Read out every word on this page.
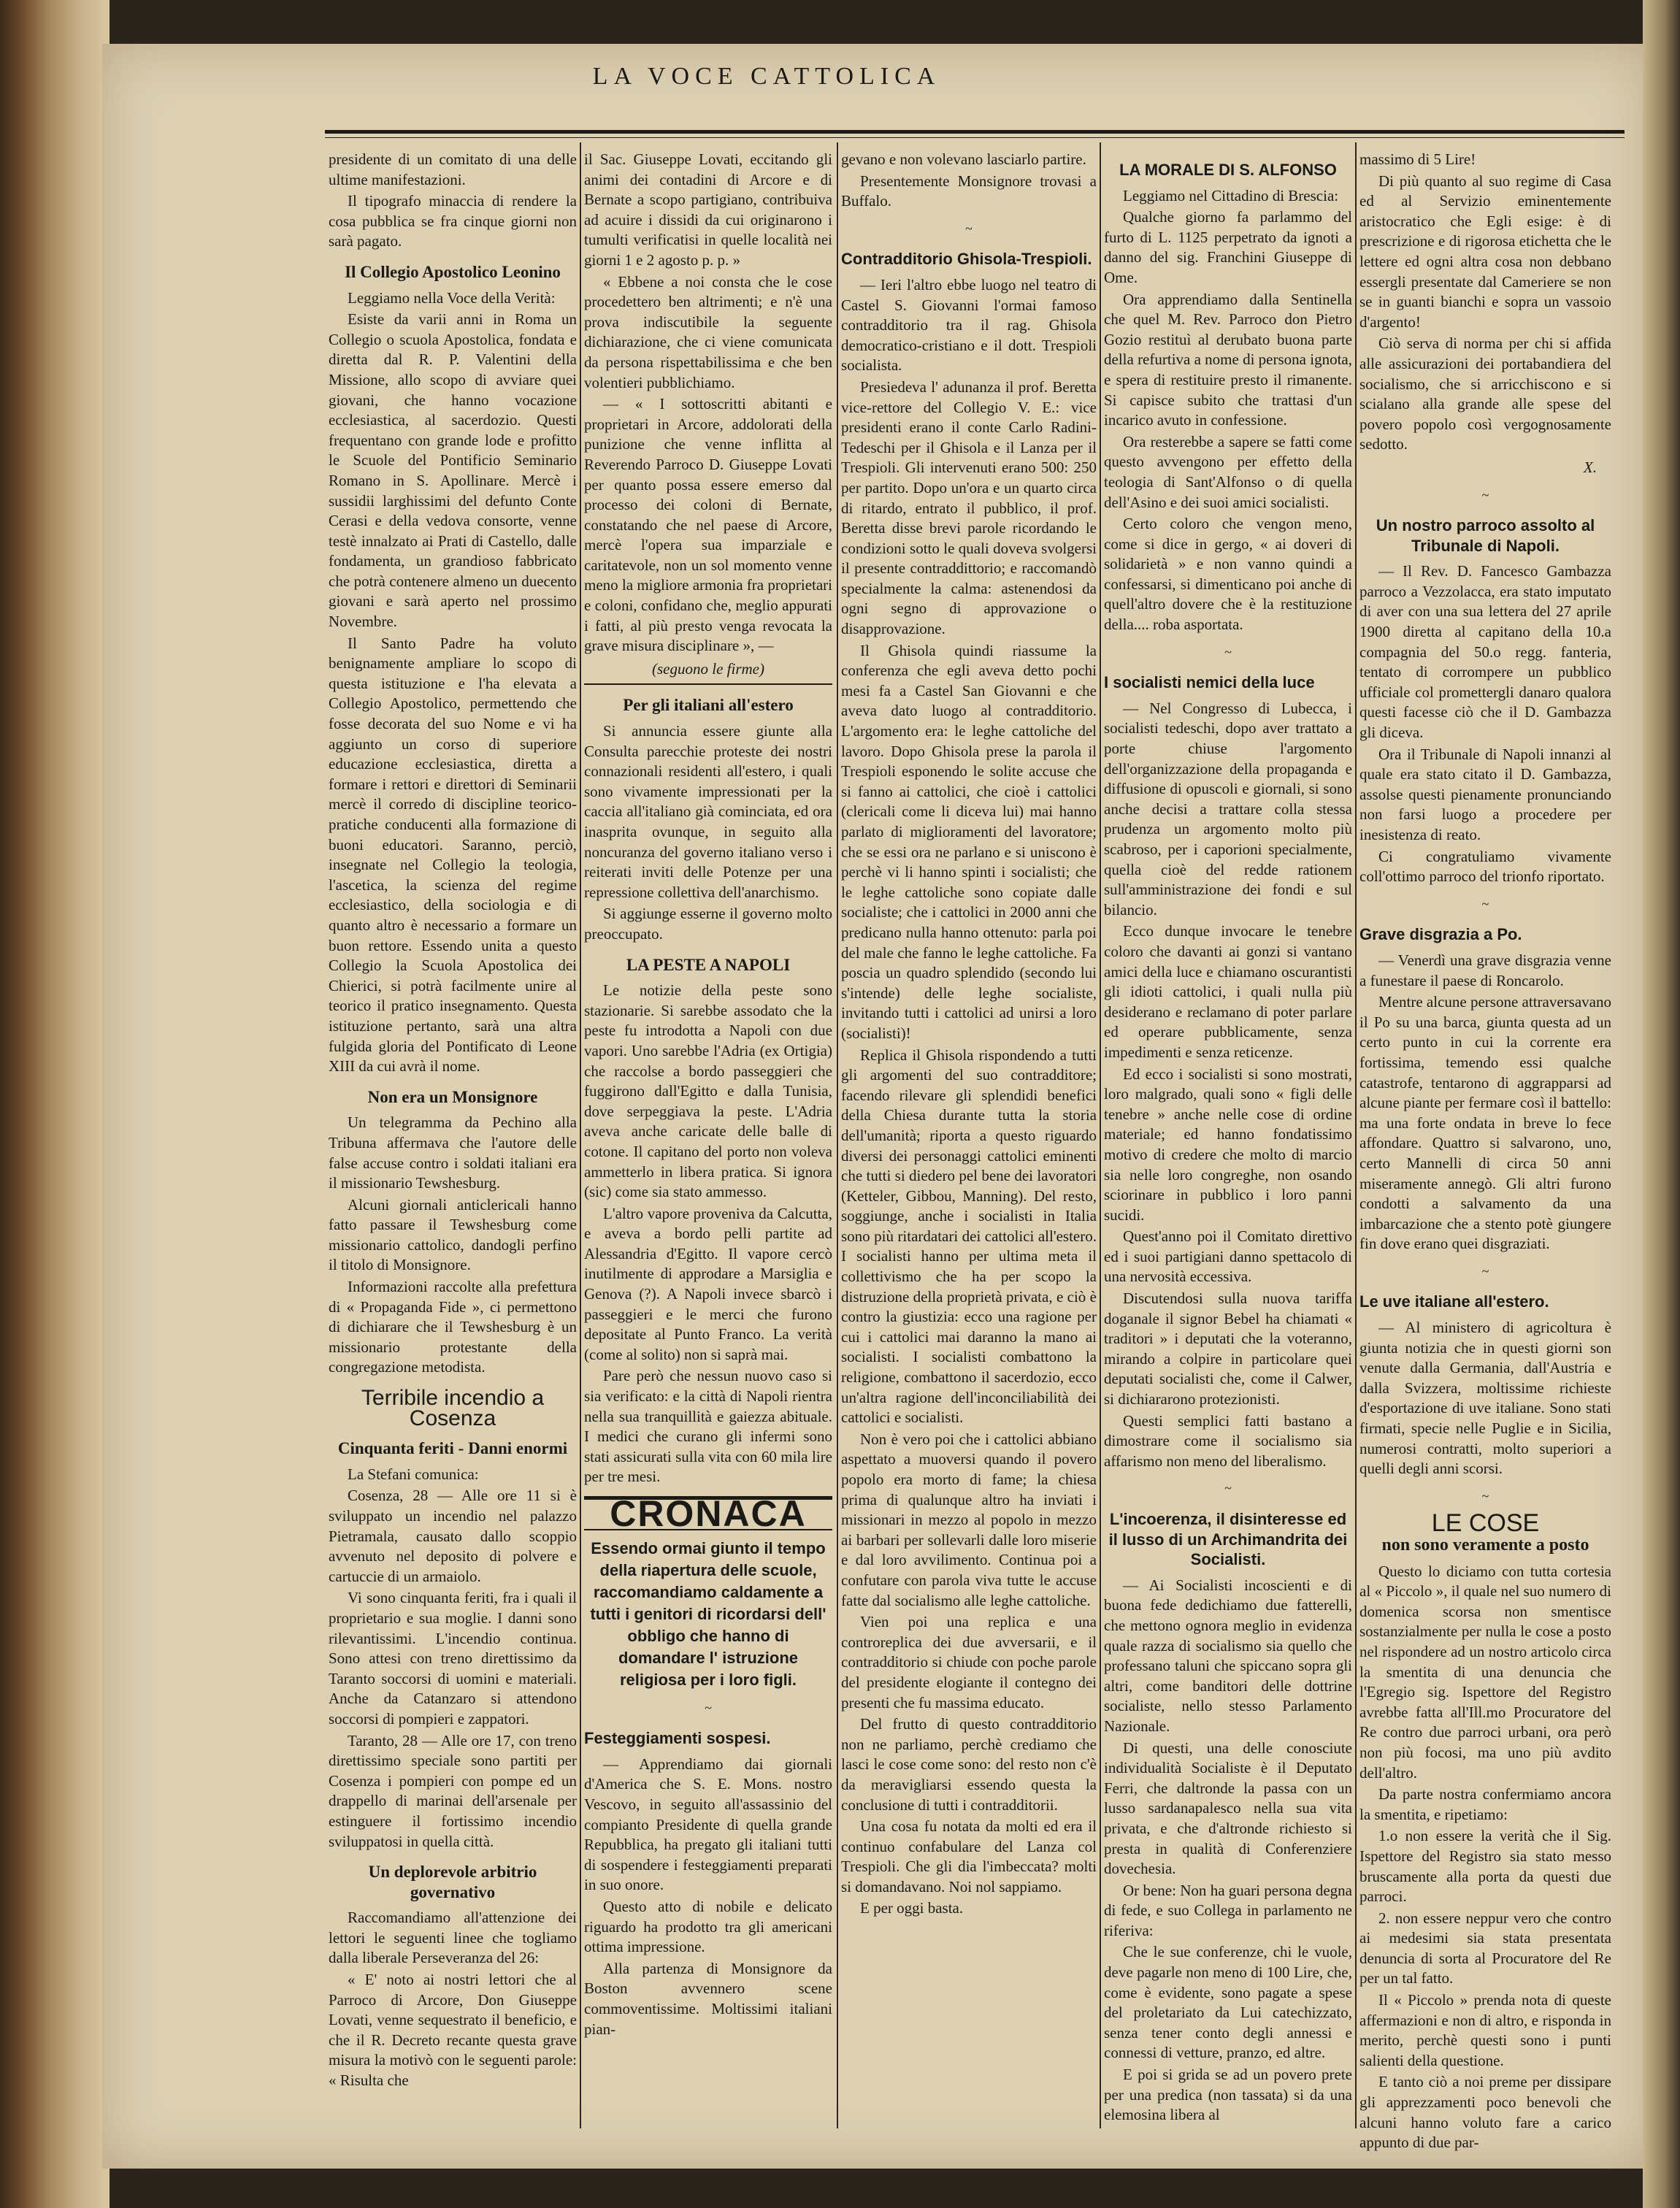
LA VOCE CATTOLICA

presidente di un comitato di una delle ultime manifestazioni.

Il tipografo minaccia di rendere la cosa pubblica se fra cinque giorni non sarà pagato.

Il Collegio Apostolico Leonino

Leggiamo nella Voce della Verità:

Esiste da varii anni in Roma un Collegio o scuola Apostolica, fondata e diretta dal R. P. Valentini della Missione, allo scopo di avviare quei giovani, che hanno vocazione ecclesiastica, al sacerdozio. Questi frequentano con grande lode e profitto le Scuole del Pontificio Seminario Romano in S. Apollinare. Mercè i sussidii larghissimi del defunto Conte Cerasi e della vedova consorte, venne testè innalzato ai Prati di Castello, dalle fondamenta, un grandioso fabbricato che potrà contenere almeno un duecento giovani e sarà aperto nel prossimo Novembre.

Il Santo Padre ha voluto benignamente ampliare lo scopo di questa istituzione e l'ha elevata a Collegio Apostolico, permettendo che fosse decorata del suo Nome e vi ha aggiunto un corso di superiore educazione ecclesiastica, diretta a formare i rettori e direttori di Seminarii mercè il corredo di discipline teorico-pratiche conducenti alla formazione di buoni educatori. Saranno, perciò, insegnate nel Collegio la teologia, l'ascetica, la scienza del regime ecclesiastico, della sociologia e di quanto altro è necessario a formare un buon rettore. Essendo unita a questo Collegio la Scuola Apostolica dei Chierici, si potrà facilmente unire al teorico il pratico insegnamento. Questa istituzione pertanto, sarà una altra fulgida gloria del Pontificato di Leone XIII da cui avrà il nome.

Non era un Monsignore

Un telegramma da Pechino alla Tribuna affermava che l'autore delle false accuse contro i soldati italiani era il missionario Tewshesburg.

Alcuni giornali anticlericali hanno fatto passare il Tewshesburg come missionario cattolico, dandogli perfino il titolo di Monsignore.

Informazioni raccolte alla prefettura di « Propaganda Fide », ci permettono di dichiarare che il Tewshesburg è un missionario protestante della congregazione metodista.

Terribile incendio a Cosenza
Cinquanta feriti - Danni enormi

La Stefani comunica:

Cosenza, 28 — Alle ore 11 si è sviluppato un incendio nel palazzo Pietramala, causato dallo scoppio avvenuto nel deposito di polvere e cartuccie di un armaiolo.

Vi sono cinquanta feriti, fra i quali il proprietario e sua moglie. I danni sono rilevantissimi. L'incendio continua. Sono attesi con treno direttissimo da Taranto soccorsi di uomini e materiali. Anche da Catanzaro si attendono soccorsi di pompieri e zappatori.

Taranto, 28 — Alle ore 17, con treno direttissimo speciale sono partiti per Cosenza i pompieri con pompe ed un drappello di marinai dell'arsenale per estinguere il fortissimo incendio sviluppatosi in quella città.

Un deplorevole arbitrio governativo

Raccomandiamo all'attenzione dei lettori le seguenti linee che togliamo dalla liberale Perseveranza del 26:

« E' noto ai nostri lettori che al Parroco di Arcore, Don Giuseppe Lovati, venne sequestrato il beneficio, e che il R. Decreto recante questa grave misura la motivò con le seguenti parole: « Risulta che

il Sac. Giuseppe Lovati, eccitando gli animi dei contadini di Arcore e di Bernate a scopo partigiano, contribuiva ad acuire i dissidi da cui originarono i tumulti verificatisi in quelle località nei giorni 1 e 2 agosto p. p. »

« Ebbene a noi consta che le cose procedettero ben altrimenti; e n'è una prova indiscutibile la seguente dichiarazione, che ci viene comunicata da persona rispettabilissima e che ben volentieri pubblichiamo.

— « I sottoscritti abitanti e proprietari in Arcore, addolorati della punizione che venne inflitta al Reverendo Parroco D. Giuseppe Lovati per quanto possa essere emerso dal processo dei coloni di Bernate, constatando che nel paese di Arcore, mercè l'opera sua imparziale e caritatevole, non un sol momento venne meno la migliore armonia fra proprietari e coloni, confidano che, meglio appurati i fatti, al più presto venga revocata la grave misura disciplinare », —

(seguono le firme)
Per gli italiani all'estero

Si annuncia essere giunte alla Consulta parecchie proteste dei nostri connazionali residenti all'estero, i quali sono vivamente impressionati per la caccia all'italiano già cominciata, ed ora inasprita ovunque, in seguito alla noncuranza del governo italiano verso i reiterati inviti delle Potenze per una repressione collettiva dell'anarchismo.

Si aggiunge esserne il governo molto preoccupato.

LA PESTE A NAPOLI

Le notizie della peste sono stazionarie. Si sarebbe assodato che la peste fu introdotta a Napoli con due vapori. Uno sarebbe l'Adria (ex Ortigia) che raccolse a bordo passeggieri che fuggirono dall'Egitto e dalla Tunisia, dove serpeggiava la peste. L'Adria aveva anche caricate delle balle di cotone. Il capitano del porto non voleva ammetterlo in libera pratica. Si ignora (sic) come sia stato ammesso.

L'altro vapore proveniva da Calcutta, e aveva a bordo pelli partite ad Alessandria d'Egitto. Il vapore cercò inutilmente di approdare a Marsiglia e Genova (?). A Napoli invece sbarcò i passeggieri e le merci che furono depositate al Punto Franco. La verità (come al solito) non si saprà mai.

Pare però che nessun nuovo caso si sia verificato: e la città di Napoli rientra nella sua tranquillità e gaiezza abituale. I medici che curano gli infermi sono stati assicurati sulla vita con 60 mila lire per tre mesi.

CRONACA
Essendo ormai giunto il tempo della riapertura delle scuole, raccomandiamo caldamente a tutti i genitori di ricordarsi dell' obbligo che hanno di domandare l' istruzione religiosa per i loro figli.
~
Festeggiamenti sospesi.

— Apprendiamo dai giornali d'America che S. E. Mons. nostro Vescovo, in seguito all'assassinio del compianto Presidente di quella grande Repubblica, ha pregato gli italiani tutti di sospendere i festeggiamenti preparati in suo onore.

Questo atto di nobile e delicato riguardo ha prodotto tra gli americani ottima impressione.

Alla partenza di Monsignore da Boston avvennero scene commoventissime. Moltissimi italiani pian-

gevano e non volevano lasciarlo partire.

Presentemente Monsignore trovasi a Buffalo.

~
Contradditorio Ghisola-Trespioli.

— Ieri l'altro ebbe luogo nel teatro di Castel S. Giovanni l'ormai famoso contradditorio tra il rag. Ghisola democratico-cristiano e il dott. Trespioli socialista.

Presiedeva l' adunanza il prof. Beretta vice-rettore del Collegio V. E.: vice presidenti erano il conte Carlo Radini-Tedeschi per il Ghisola e il Lanza per il Trespioli. Gli intervenuti erano 500: 250 per partito. Dopo un'ora e un quarto circa di ritardo, entrato il pubblico, il prof. Beretta disse brevi parole ricordando le condizioni sotto le quali doveva svolgersi il presente contraddittorio; e raccomandò specialmente la calma: astenendosi da ogni segno di approvazione o disapprovazione.

Il Ghisola quindi riassume la conferenza che egli aveva detto pochi mesi fa a Castel San Giovanni e che aveva dato luogo al contradditorio. L'argomento era: le leghe cattoliche del lavoro. Dopo Ghisola prese la parola il Trespioli esponendo le solite accuse che si fanno ai cattolici, che cioè i cattolici (clericali come li diceva lui) mai hanno parlato di miglioramenti del lavoratore; che se essi ora ne parlano e si uniscono è perchè vi li hanno spinti i socialisti; che le leghe cattoliche sono copiate dalle socialiste; che i cattolici in 2000 anni che predicano nulla hanno ottenuto: parla poi del male che fanno le leghe cattoliche. Fa poscia un quadro splendido (secondo lui s'intende) delle leghe socialiste, invitando tutti i cattolici ad unirsi a loro (socialisti)!

Replica il Ghisola rispondendo a tutti gli argomenti del suo contradditore; facendo rilevare gli splendidi benefici della Chiesa durante tutta la storia dell'umanità; riporta a questo riguardo diversi dei personaggi cattolici eminenti che tutti si diedero pel bene dei lavoratori (Ketteler, Gibbou, Manning). Del resto, soggiunge, anche i socialisti in Italia sono più ritardatari dei cattolici all'estero. I socialisti hanno per ultima meta il collettivismo che ha per scopo la distruzione della proprietà privata, e ciò è contro la giustizia: ecco una ragione per cui i cattolici mai daranno la mano ai socialisti. I socialisti combattono la religione, combattono il sacerdozio, ecco un'altra ragione dell'inconciliabilità dei cattolici e socialisti.

Non è vero poi che i cattolici abbiano aspettato a muoversi quando il povero popolo era morto di fame; la chiesa prima di qualunque altro ha inviati i missionari in mezzo al popolo in mezzo ai barbari per sollevarli dalle loro miserie e dal loro avvilimento. Continua poi a confutare con parola viva tutte le accuse fatte dal socialismo alle leghe cattoliche.

Vien poi una replica e una controreplica dei due avversarii, e il contradditorio si chiude con poche parole del presidente elogiante il contegno dei presenti che fu massima educato.

Del frutto di questo contradditorio non ne parliamo, perchè crediamo che lasci le cose come sono: del resto non c'è da meravigliarsi essendo questa la conclusione di tutti i contradditorii.

Una cosa fu notata da molti ed era il continuo confabulare del Lanza col Trespioli. Che gli dia l'imbeccata? molti si domandavano. Noi nol sappiamo.

E per oggi basta.

LA MORALE DI S. ALFONSO

Leggiamo nel Cittadino di Brescia:

Qualche giorno fa parlammo del furto di L. 1125 perpetrato da ignoti a danno del sig. Franchini Giuseppe di Ome.

Ora apprendiamo dalla Sentinella che quel M. Rev. Parroco don Pietro Gozio restituì al derubato buona parte della refurtiva a nome di persona ignota, e spera di restituire presto il rimanente. Si capisce subito che trattasi d'un incarico avuto in confessione.

Ora resterebbe a sapere se fatti come questo avvengono per effetto della teologia di Sant'Alfonso o di quella dell'Asino e dei suoi amici socialisti.

Certo coloro che vengon meno, come si dice in gergo, « ai doveri di solidarietà » e non vanno quindi a confessarsi, si dimenticano poi anche di quell'altro dovere che è la restituzione della.... roba asportata.

~
I socialisti nemici della luce

— Nel Congresso di Lubecca, i socialisti tedeschi, dopo aver trattato a porte chiuse l'argomento dell'organizzazione della propaganda e diffusione di opuscoli e giornali, si sono anche decisi a trattare colla stessa prudenza un argomento molto più scabroso, per i caporioni specialmente, quella cioè del redde rationem sull'amministrazione dei fondi e sul bilancio.

Ecco dunque invocare le tenebre coloro che davanti ai gonzi si vantano amici della luce e chiamano oscurantisti gli idioti cattolici, i quali nulla più desiderano e reclamano di poter parlare ed operare pubblicamente, senza impedimenti e senza reticenze.

Ed ecco i socialisti si sono mostrati, loro malgrado, quali sono « figli delle tenebre » anche nelle cose di ordine materiale; ed hanno fondatissimo motivo di credere che molto di marcio sia nelle loro congreghe, non osando sciorinare in pubblico i loro panni sucidi.

Quest'anno poi il Comitato direttivo ed i suoi partigiani danno spettacolo di una nervosità eccessiva.

Discutendosi sulla nuova tariffa doganale il signor Bebel ha chiamati « traditori » i deputati che la voteranno, mirando a colpire in particolare quei deputati socialisti che, come il Calwer, si dichiararono protezionisti.

Questi semplici fatti bastano a dimostrare come il socialismo sia affarismo non meno del liberalismo.

~
L'incoerenza, il disinteresse ed il lusso di un Archimandrita dei Socialisti.

— Ai Socialisti incoscienti e di buona fede dedichiamo due fatterelli, che mettono ognora meglio in evidenza quale razza di socialismo sia quello che professano taluni che spiccano sopra gli altri, come banditori delle dottrine socialiste, nello stesso Parlamento Nazionale.

Di questi, una delle conosciute individualità Socialiste è il Deputato Ferri, che daltronde la passa con un lusso sardanapalesco nella sua vita privata, e che d'altronde richiesto si presta in qualità di Conferenziere dovechesia.

Or bene: Non ha guari persona degna di fede, e suo Collega in parlamento ne riferiva:

Che le sue conferenze, chi le vuole, deve pagarle non meno di 100 Lire, che, come è evidente, sono pagate a spese del proletariato da Lui catechizzato, senza tener conto degli annessi e connessi di vetture, pranzo, ed altre.

E poi si grida se ad un povero prete per una predica (non tassata) si da una elemosina libera al

massimo di 5 Lire!

Di più quanto al suo regime di Casa ed al Servizio eminentemente aristocratico che Egli esige: è di prescrizione e di rigorosa etichetta che le lettere ed ogni altra cosa non debbano essergli presentate dal Cameriere se non se in guanti bianchi e sopra un vassoio d'argento!

Ciò serva di norma per chi si affida alle assicurazioni dei portabandiera del socialismo, che si arricchiscono e si scialano alla grande alle spese del povero popolo così vergognosamente sedotto.

X.
~
Un nostro parroco assolto al Tribunale di Napoli.

— Il Rev. D. Fancesco Gambazza parroco a Vezzolacca, era stato imputato di aver con una sua lettera del 27 aprile 1900 diretta al capitano della 10.a compagnia del 50.o regg. fanteria, tentato di corrompere un pubblico ufficiale col promettergli danaro qualora questi facesse ciò che il D. Gambazza gli diceva.

Ora il Tribunale di Napoli innanzi al quale era stato citato il D. Gambazza, assolse questi pienamente pronunciando non farsi luogo a procedere per inesistenza di reato.

Ci congratuliamo vivamente coll'ottimo parroco del trionfo riportato.

~
Grave disgrazia a Po.

— Venerdì una grave disgrazia venne a funestare il paese di Roncarolo.

Mentre alcune persone attraversavano il Po su una barca, giunta questa ad un certo punto in cui la corrente era fortissima, temendo essi qualche catastrofe, tentarono di aggrapparsi ad alcune piante per fermare così il battello: ma una forte ondata in breve lo fece affondare. Quattro si salvarono, uno, certo Mannelli di circa 50 anni miseramente annegò. Gli altri furono condotti a salvamento da una imbarcazione che a stento potè giungere fin dove erano quei disgraziati.

~
Le uve italiane all'estero.

— Al ministero di agricoltura è giunta notizia che in questi giorni son venute dalla Germania, dall'Austria e dalla Svizzera, moltissime richieste d'esportazione di uve italiane. Sono stati firmati, specie nelle Puglie e in Sicilia, numerosi contratti, molto superiori a quelli degli anni scorsi.

~
LE COSE
non sono veramente a posto

Questo lo diciamo con tutta cortesia al « Piccolo », il quale nel suo numero di domenica scorsa non smentisce sostanzialmente per nulla le cose a posto nel rispondere ad un nostro articolo circa la smentita di una denuncia che l'Egregio sig. Ispettore del Registro avrebbe fatta all'Ill.mo Procuratore del Re contro due parroci urbani, ora però non più focosi, ma uno più avdito dell'altro.

Da parte nostra confermiamo ancora la smentita, e ripetiamo:

1.o non essere la verità che il Sig. Ispettore del Registro sia stato messo bruscamente alla porta da questi due parroci.

2. non essere neppur vero che contro ai medesimi sia stata presentata denuncia di sorta al Procuratore del Re per un tal fatto.

Il « Piccolo » prenda nota di queste affermazioni e non di altro, e risponda in merito, perchè questi sono i punti salienti della questione.

E tanto ciò a noi preme per dissipare gli apprezzamenti poco benevoli che alcuni hanno voluto fare a carico appunto di due par-
